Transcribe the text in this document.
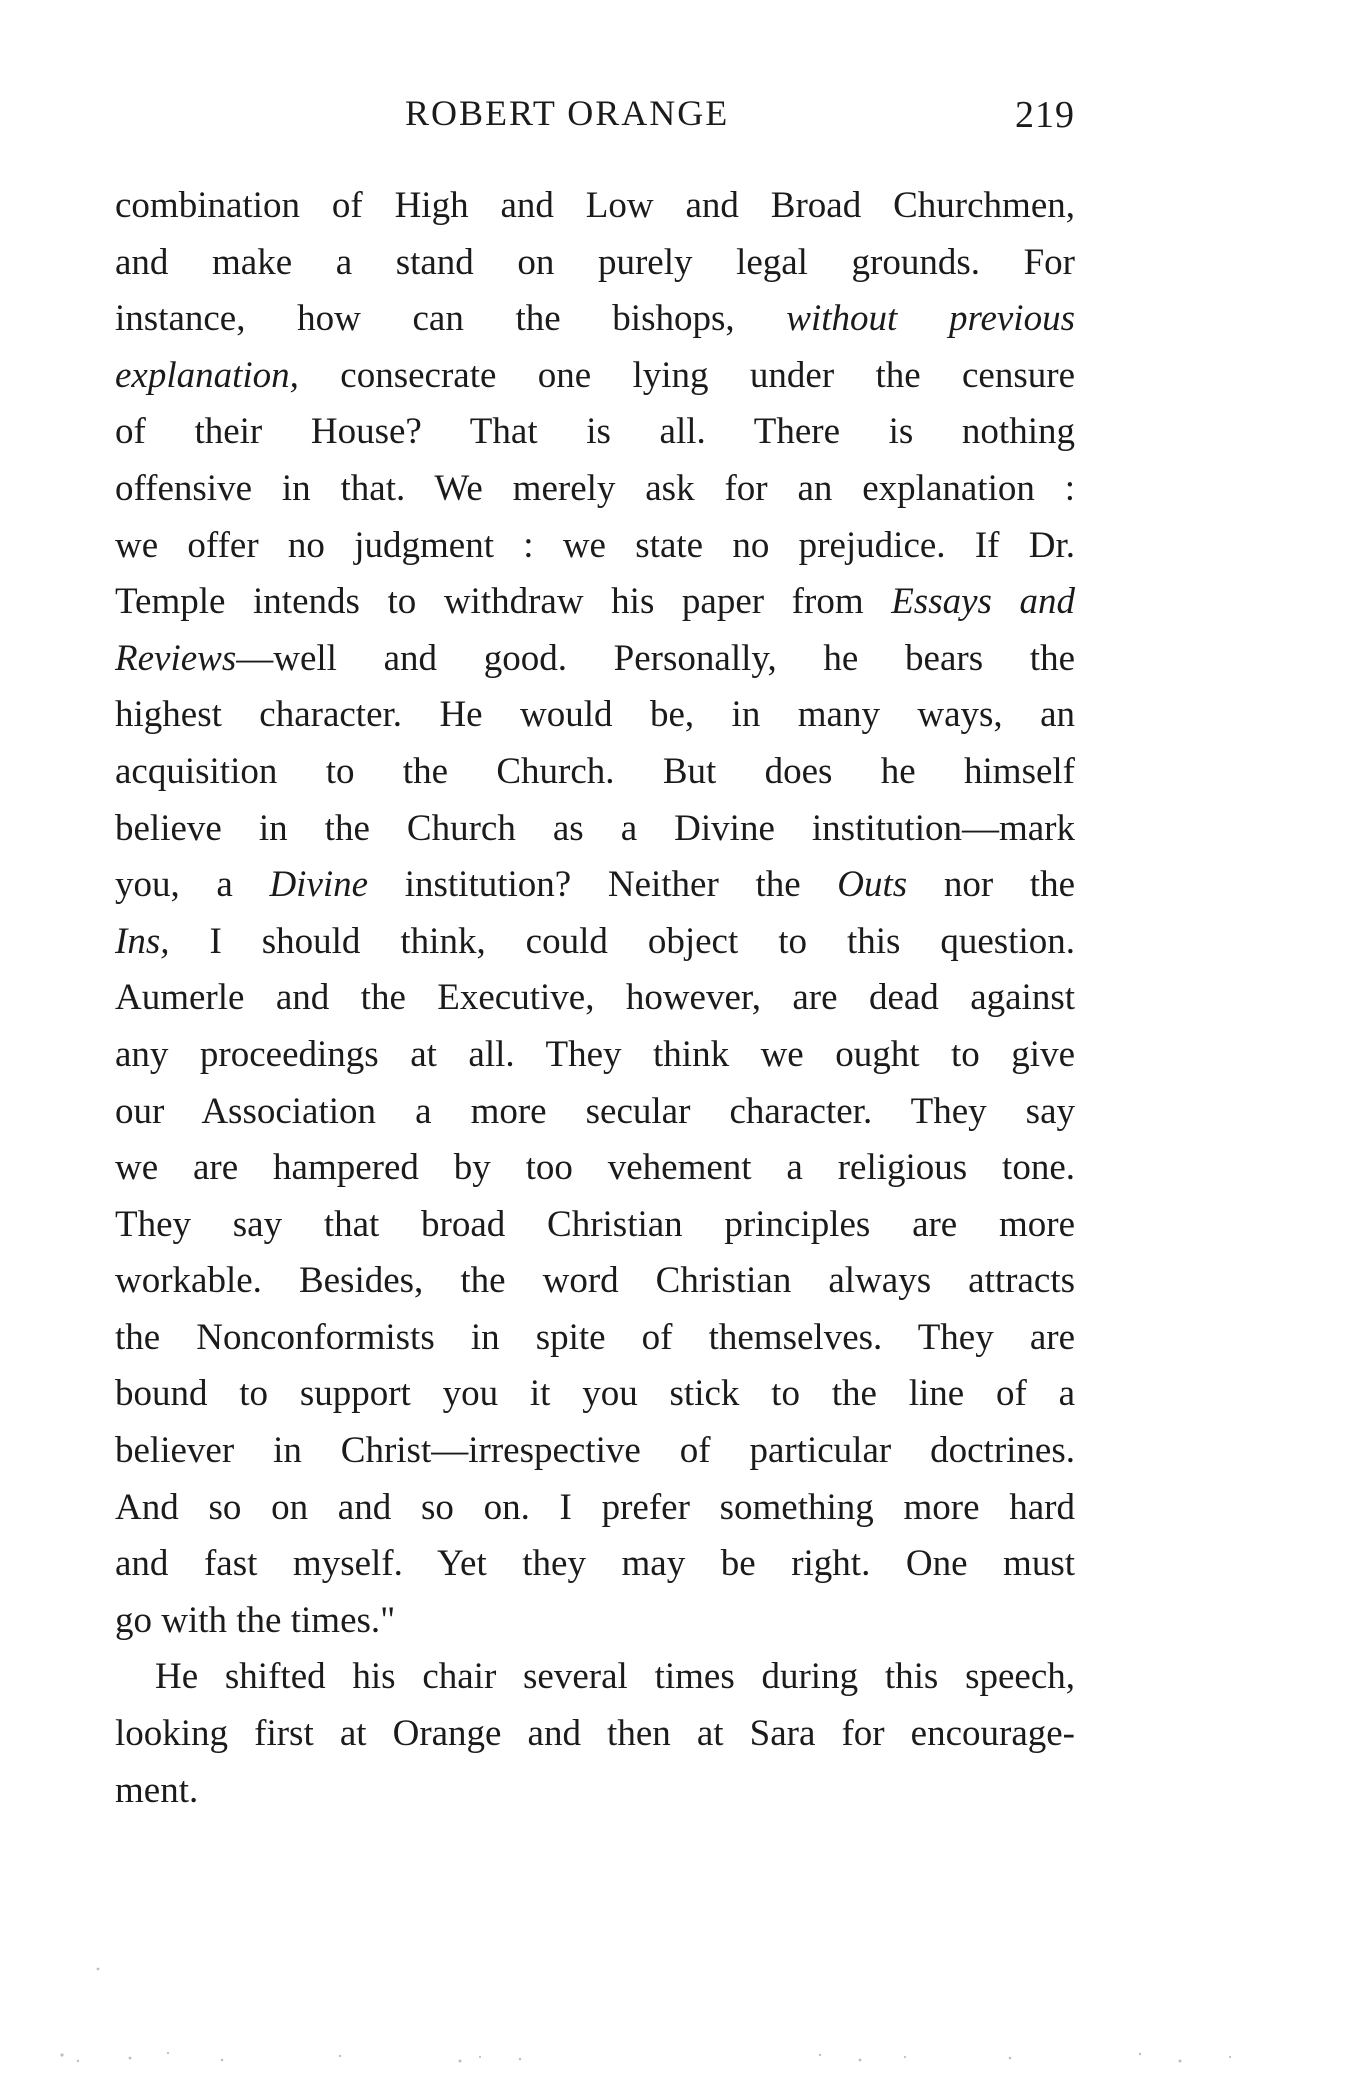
ROBERT ORANGE	219
combination of High and Low and Broad Churchmen,
and make a stand on purely legal grounds. For
instance, how can the bishops, without previous
explanation, consecrate one lying under the censure
of their House? That is all. There is nothing
offensive in that. We merely ask for an explanation :
we offer no judgment : we state no prejudice. If Dr.
Temple intends to withdraw his paper from Essays and
Reviews—well and good. Personally, he bears the
highest character. He would be, in many ways, an
acquisition to the Church. But does he himself
believe in the Church as a Divine institution—mark
you, a Divine institution? Neither the Outs nor the
Ins, I should think, could object to this question.
Aumerle and the Executive, however, are dead against
any proceedings at all. They think we ought to give
our Association a more secular character. They say
we are hampered by too vehement a religious tone.
They say that broad Christian principles are more
workable. Besides, the word Christian always attracts
the Nonconformists in spite of themselves. They are
bound to support you it you stick to the line of a
believer in Christ—irrespective of particular doctrines.
And so on and so on. I prefer something more hard
and fast myself. Yet they may be right. One must
go with the times."
He shifted his chair several times during this speech,
looking first at Orange and then at Sara for encourage-
ment.
